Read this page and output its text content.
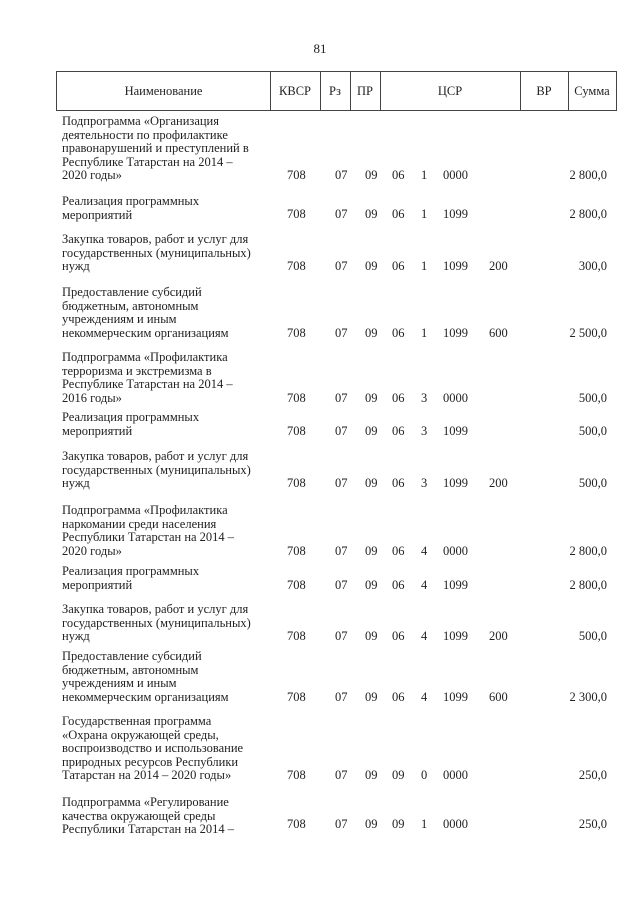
81
Наименование	КВСР	Рз	ПР	ЦСР	ВР	Сумма
Подпрограмма «Организация
деятельности по профилактике
правонарушений и преступлений в
Республике Татарстан на 2014 –
2020 годы»	708 07 09 06 1 0000	2 800,0
Реализация программных
мероприятий	708 07 09 06 1 1099	2 800,0
Закупка товаров, работ и услуг для
государственных (муниципальных)
нужд	708 07 09 06 1 1099 200	300,0
Предоставление субсидий
бюджетным, автономным
учреждениям и иным
некоммерческим организациям	708 07 09 06 1 1099 600	2 500,0
Подпрограмма «Профилактика
терроризма и экстремизма в
Республике Татарстан на 2014 –
2016 годы»	708 07 09 06 3 0000	500,0
Реализация программных
мероприятий	708 07 09 06 3 1099	500,0
Закупка товаров, работ и услуг для
государственных (муниципальных)
нужд	708 07 09 06 3 1099 200	500,0
Подпрограмма «Профилактика
наркомании среди населения
Республики Татарстан на 2014 –
2020 годы»	708 07 09 06 4 0000	2 800,0
Реализация программных
мероприятий	708 07 09 06 4 1099	2 800,0
Закупка товаров, работ и услуг для
государственных (муниципальных)
нужд	708 07 09 06 4 1099 200	500,0
Предоставление субсидий
бюджетным, автономным
учреждениям и иным
некоммерческим организациям	708 07 09 06 4 1099 600	2 300,0
Государственная программа
«Охрана окружающей среды,
воспроизводство и использование
природных ресурсов Республики
Татарстан на 2014 – 2020 годы»	708 07 09 09 0 0000	250,0
Подпрограмма «Регулирование
качества окружающей среды
Республики Татарстан на 2014 –	708 07 09 09 1 0000	250,0
